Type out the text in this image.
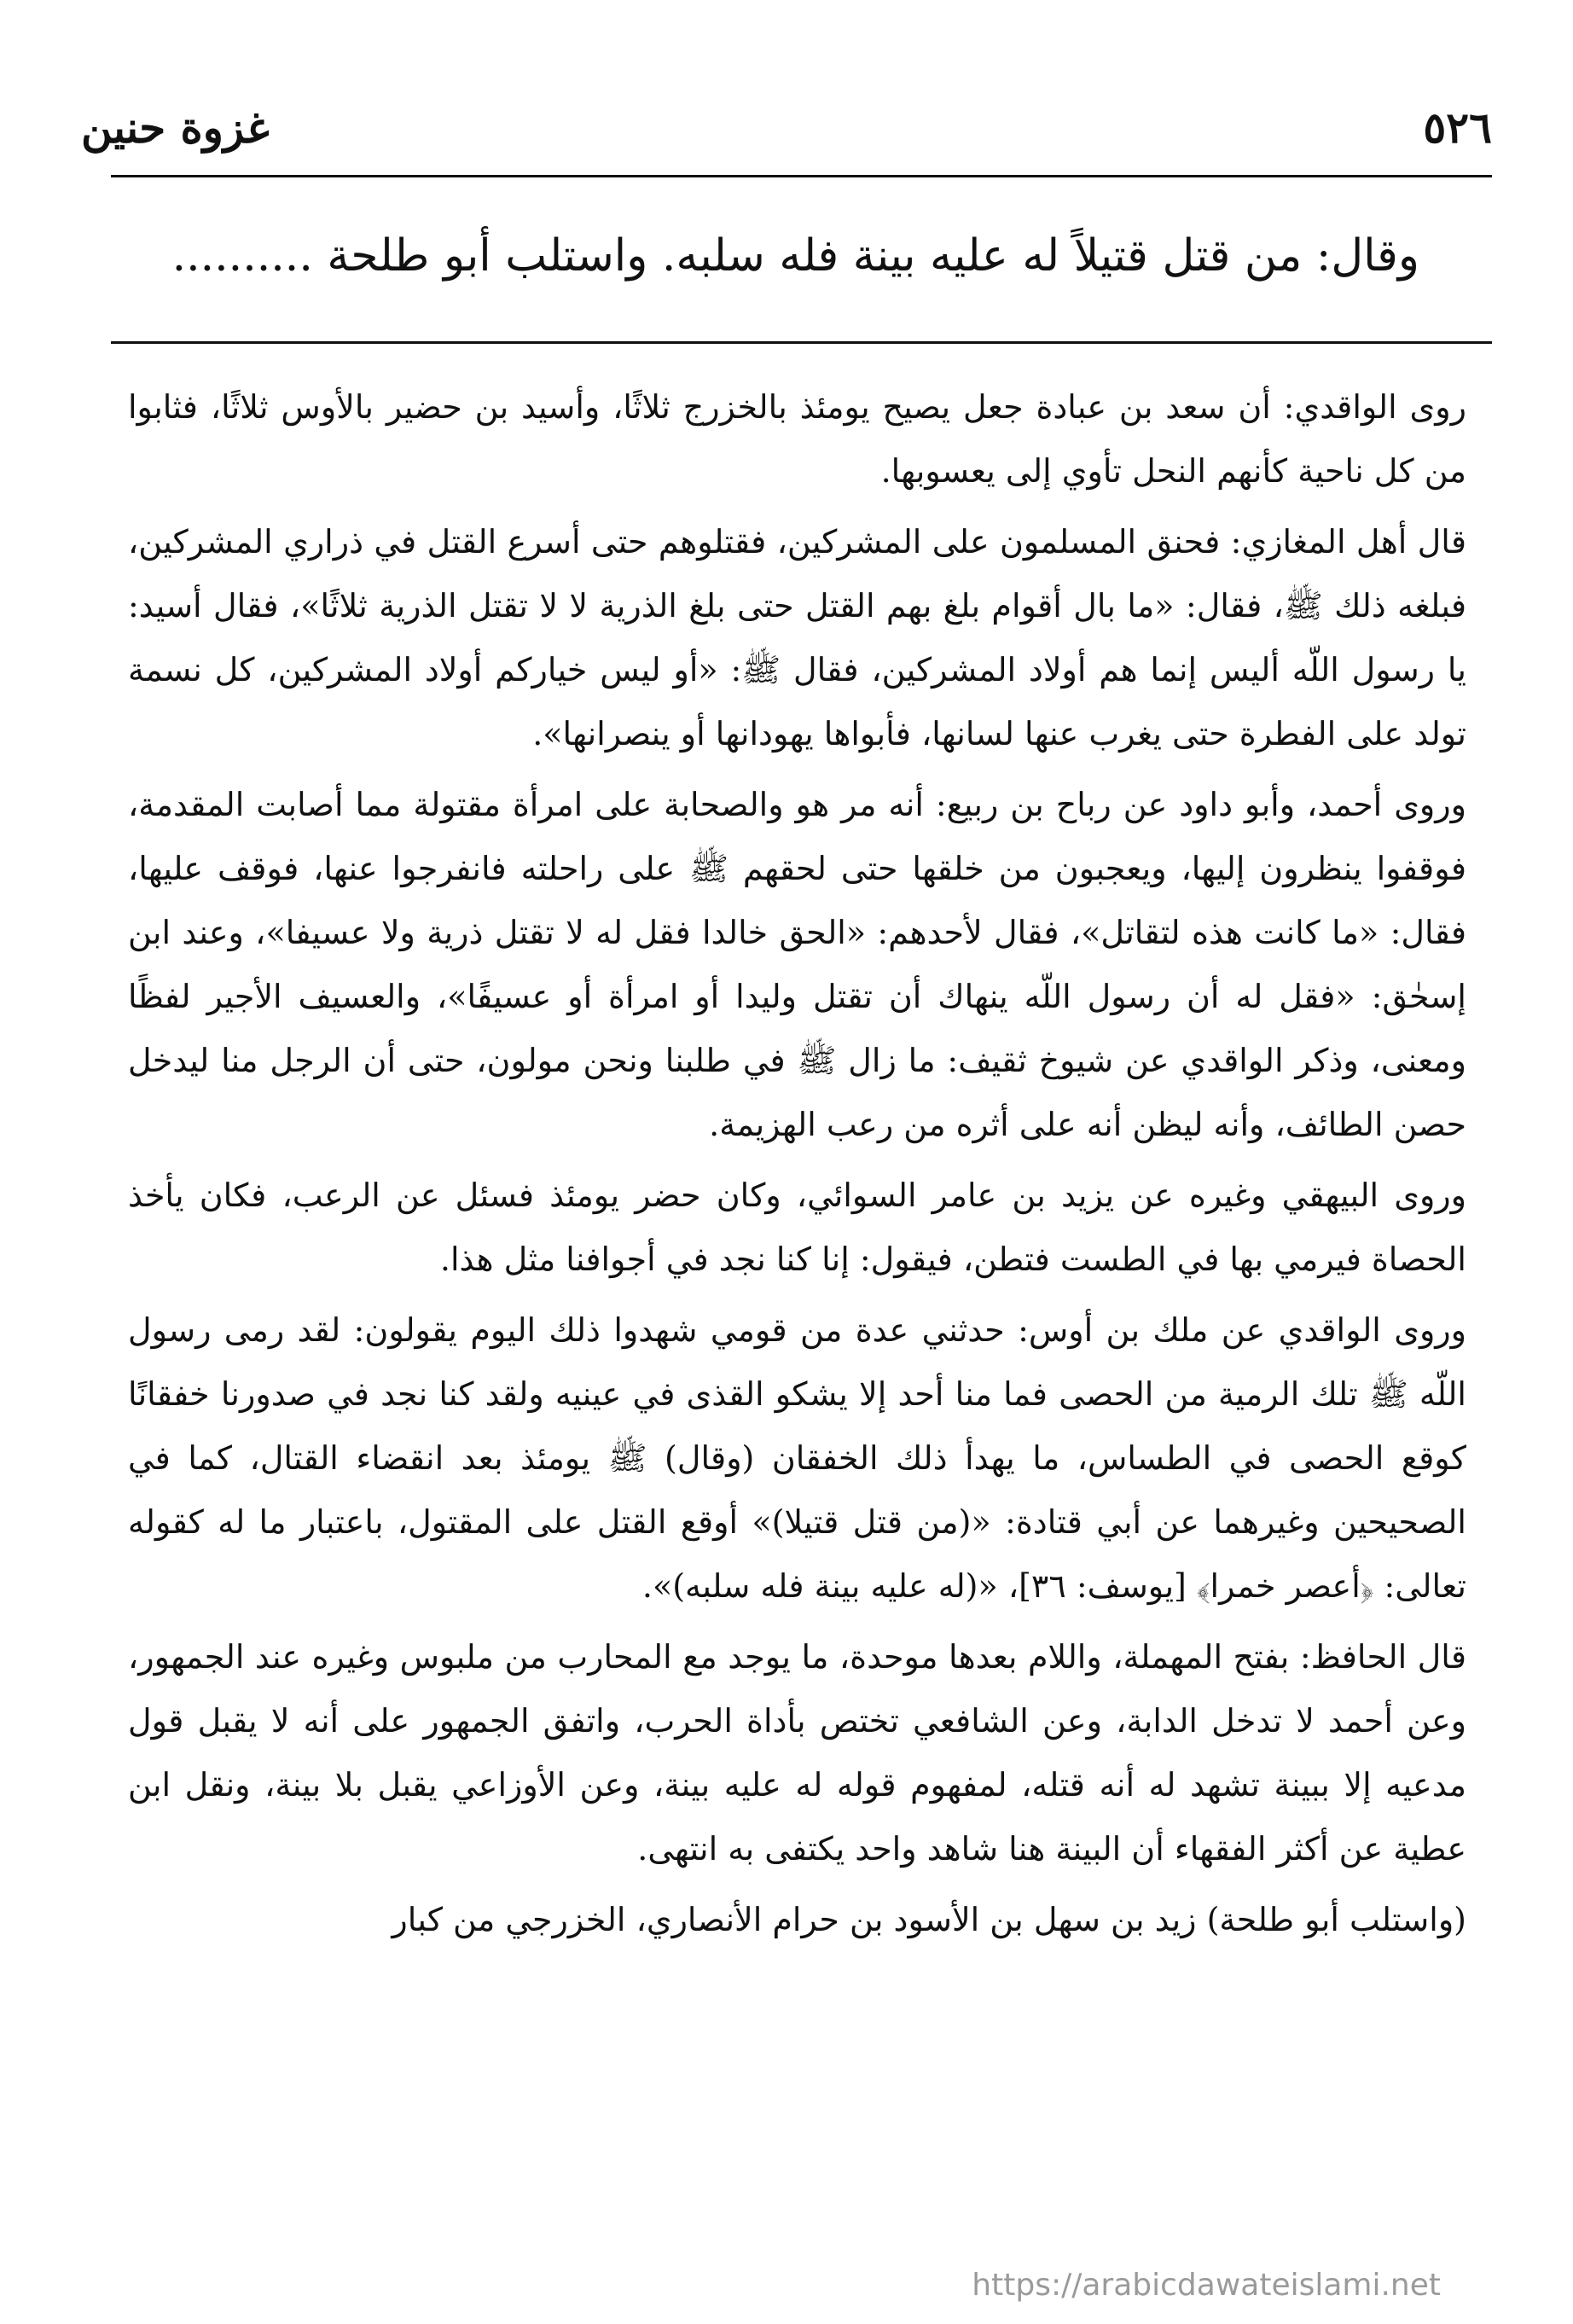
٥٢٦
غزوة حنين
وقال: من قتل قتيلاً له عليه بينة فله سلبه. واستلب أبو طلحة ..........

روى الواقدي: أن سعد بن عبادة جعل يصيح يومئذ بالخزرج ثلاثًا، وأسيد بن حضير بالأوس ثلاثًا، فثابوا من كل ناحية كأنهم النحل تأوي إلى يعسوبها.

قال أهل المغازي: فحنق المسلمون على المشركين، فقتلوهم حتى أسرع القتل في ذراري المشركين، فبلغه ذلك ﷺ، فقال: «ما بال أقوام بلغ بهم القتل حتى بلغ الذرية لا لا تقتل الذرية ثلاثًا»، فقال أسيد: يا رسول اللّه أليس إنما هم أولاد المشركين، فقال ﷺ: «أو ليس خياركم أولاد المشركين، كل نسمة تولد على الفطرة حتى يغرب عنها لسانها، فأبواها يهودانها أو ينصرانها».

وروى أحمد، وأبو داود عن رباح بن ربيع: أنه مر هو والصحابة على امرأة مقتولة مما أصابت المقدمة، فوقفوا ينظرون إليها، ويعجبون من خلقها حتى لحقهم ﷺ على راحلته فانفرجوا عنها، فوقف عليها، فقال: «ما كانت هذه لتقاتل»، فقال لأحدهم: «الحق خالدا فقل له لا تقتل ذرية ولا عسيفا»، وعند ابن إسحٰق: «فقل له أن رسول اللّه ينهاك أن تقتل وليدا أو امرأة أو عسيفًا»، والعسيف الأجير لفظًا ومعنى، وذكر الواقدي عن شيوخ ثقيف: ما زال ﷺ في طلبنا ونحن مولون، حتى أن الرجل منا ليدخل حصن الطائف، وأنه ليظن أنه على أثره من رعب الهزيمة.

وروى البيهقي وغيره عن يزيد بن عامر السوائي، وكان حضر يومئذ فسئل عن الرعب، فكان يأخذ الحصاة فيرمي بها في الطست فتطن، فيقول: إنا كنا نجد في أجوافنا مثل هذا.

وروى الواقدي عن ملك بن أوس: حدثني عدة من قومي شهدوا ذلك اليوم يقولون: لقد رمى رسول اللّه ﷺ تلك الرمية من الحصى فما منا أحد إلا يشكو القذى في عينيه ولقد كنا نجد في صدورنا خفقانًا كوقع الحصى في الطساس، ما يهدأ ذلك الخفقان (وقال) ﷺ يومئذ بعد انقضاء القتال، كما في الصحيحين وغيرهما عن أبي قتادة: «(من قتل قتيلا)» أوقع القتل على المقتول، باعتبار ما له كقوله تعالى: ﴿أعصر خمرا﴾ [يوسف: ٣٦]، «(له عليه بينة فله سلبه)».

قال الحافظ: بفتح المهملة، واللام بعدها موحدة، ما يوجد مع المحارب من ملبوس وغيره عند الجمهور، وعن أحمد لا تدخل الدابة، وعن الشافعي تختص بأداة الحرب، واتفق الجمهور على أنه لا يقبل قول مدعيه إلا ببينة تشهد له أنه قتله، لمفهوم قوله له عليه بينة، وعن الأوزاعي يقبل بلا بينة، ونقل ابن عطية عن أكثر الفقهاء أن البينة هنا شاهد واحد يكتفى به انتهى.

(واستلب أبو طلحة) زيد بن سهل بن الأسود بن حرام الأنصاري، الخزرجي من كبار

https://arabicdawateislami.net
